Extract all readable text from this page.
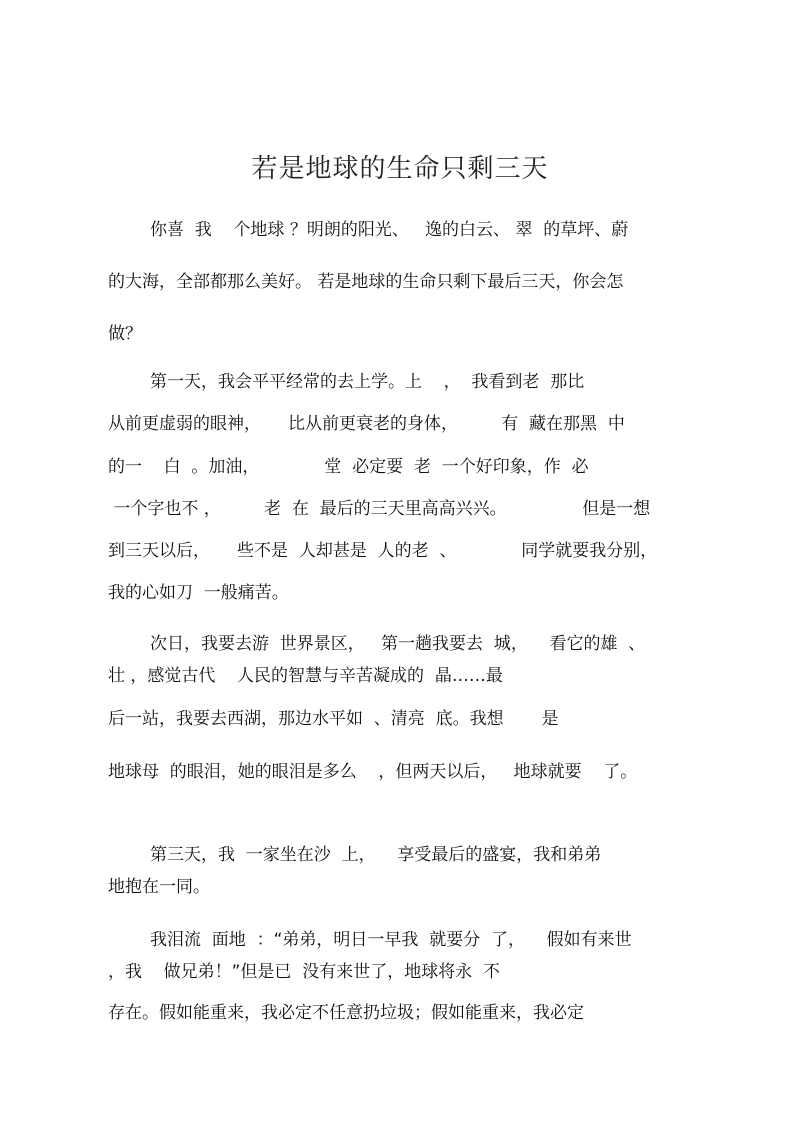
若是地球的生命只剩三天
你喜  我    个地球 ？明朗的阳光、   逸的白云、 翠  的草坪、蔚
的大海，全部都那么美好。 若是地球的生命只剩下最后三天，你会怎
做？
第一天，我会平平经常的去上学。上    ，  我看到老  那比
从前更虚弱的眼神，     比从前更衰老的身体，        有  藏在那黑  中
的一    白  。加油，            堂  必定要  老  一个好印象，作  必
一个字也不 ，        老  在  最后的三天里高高兴兴。              但是一想
到三天以后，     些不是  人却甚是  人的老  、            同学就要我分别，
我的心如刀  一般痛苦。
次日，我要去游  世界景区，   第一趟我要去  城，    看它的雄  、
壮 ，感觉古代    人民的智慧与辛苦凝成的  晶……最
后一站，我要去西湖，那边水平如  、清亮  底。我想       是
地球母  的眼泪，她的眼泪是多么    ，但两天以后，   地球就要    了。
第三天，我  一家坐在沙  上，    享受最后的盛宴，我和弟弟
地抱在一同。
我泪流  面地  ：“弟弟，明日一早我  就要分  了，    假如有来世
，我    做兄弟！”但是已  没有来世了，地球将永  不
存在。假如能重来，我必定不任意扔垃圾；假如能重来，我必定
